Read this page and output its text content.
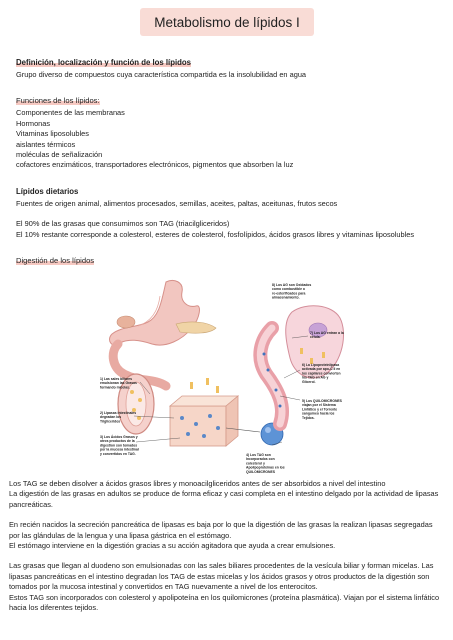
Metabolismo de lípidos I
Definición, localización y función de los lípidos

Grupo diverso de compuestos cuya característica compartida es la insolubilidad en agua

Funciones de los lípidos:

Componentes de las membranas

Hormonas

Vitaminas liposolubles

aislantes térmicos

moléculas de señalización

cofactores enzimáticos, transportadores electrónicos, pigmentos que absorben la luz

Lípidos dietarios

Fuentes de origen animal, alimentos procesados, semillas, aceites, paltas, aceitunas, frutos secos

El 90% de las grasas que consumimos son TAG (triacilgliceridos)

El 10% restante corresponde a colesterol, esteres de colesterol, fosfolípidos, ácidos grasos libres y vitaminas liposolubles

Digestión de los lípidos
1) Las sales biliares emulsionan las Grasas formando micelas.
2) Lipasas intestinales degradan los Trigliceridos
3) Los Ácidos Grasos y otros productos de la digestion son tomados por la mucosa intestinal y convertidos en TAG.	4) Los TAG son Incorporados con colesterol y Apolipoproteinas en los QUILOMICRONES
5) Los QUILOMICRONES viajan por el Sistema Linfático y el Torrente sanguíneo hacia los Tejidos.
6) La Lipoproteinlipasa activada por apo-C II en los capilares convierten los TAG en AG y Glicerol.
7) Los AG entran a la célula.
8) Los AG son Oxidados como combustible o re-esterificados para almacenamiento.

Los TAG se deben disolver a ácidos grasos libres y monoacilgliceridos antes de ser absorbidos a nivel del intestino

La digestión de las grasas en adultos se produce de forma eficaz y casi completa en el intestino delgado por la actividad de lipasas pancreáticas.

En recién nacidos la secreción pancreática de lipasas es baja por lo que la digestión de las grasas la realizan lipasas segregadas por las glándulas de la lengua y una lipasa gástrica en el estómago.

El estómago interviene en la digestión gracias a su acción agitadora que ayuda a crear emulsiones.

Las grasas que llegan al duodeno son emulsionadas con las sales biliares procedentes de la vesícula biliar y forman micelas. Las lipasas pancreáticas en el intestino degradan los TAG de estas micelas y los ácidos grasos y otros productos de la digestión son tomados por la mucosa intestinal y convertidos en TAG nuevamente a nivel de los enterocitos.

Estos TAG son incorporados con colesterol y apolipoteína en los quilomicrones (proteína plasmática). Viajan por el sistema linfático hacia los diferentes tejidos.
